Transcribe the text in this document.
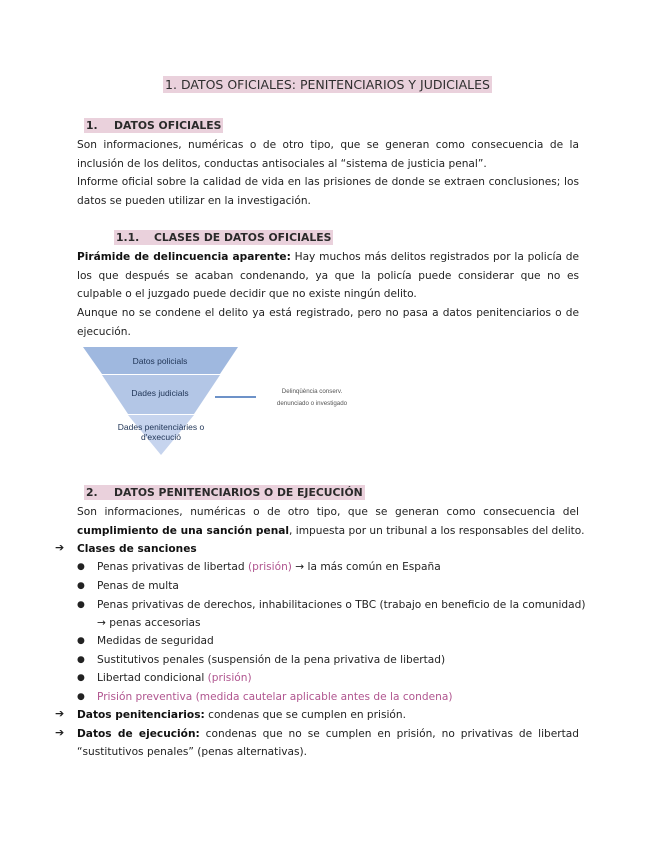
1. DATOS OFICIALES: PENITENCIARIOS Y JUDICIALES
1. DATOS OFICIALES
Son informaciones, numéricas o de otro tipo, que se generan como consecuencia de la inclusión de los delitos, conductas antisociales al “sistema de justicia penal”.
Informe oficial sobre la calidad de vida en las prisiones de donde se extraen conclusiones; los datos se pueden utilizar en la investigación.
1.1. CLASES DE DATOS OFICIALES
Pirámide de delincuencia aparente: Hay muchos más delitos registrados por la policía de los que después se acaban condenando, ya que la policía puede considerar que no es culpable o el juzgado puede decidir que no existe ningún delito.
Aunque no se condene el delito ya está registrado, pero no pasa a datos penitenciarios o de ejecución.
Datos policials
Dades judicials
Dades penitenciàries o
d'execució
Delinqüència conserv.
denunciado o investigado
2. DATOS PENITENCIARIOS O DE EJECUCIÓN
Son informaciones, numéricas o de otro tipo, que se generan como consecuencia del
cumplimiento de una sanción penal, impuesta por un tribunal a los responsables del delito.
➔ Clases de sanciones
● Penas privativas de libertad (prisión) → la más común en España
● Penas de multa
● Penas privativas de derechos, inhabilitaciones o TBC (trabajo en beneficio de la comunidad)
→ penas accesorias
● Medidas de seguridad
● Sustitutivos penales (suspensión de la pena privativa de libertad)
● Libertad condicional (prisión)
● Prisión preventiva (medida cautelar aplicable antes de la condena)
➔ Datos penitenciarios: condenas que se cumplen en prisión.
➔ Datos de ejecución: condenas que no se cumplen en prisión, no privativas de libertad
“sustitutivos penales” (penas alternativas).
